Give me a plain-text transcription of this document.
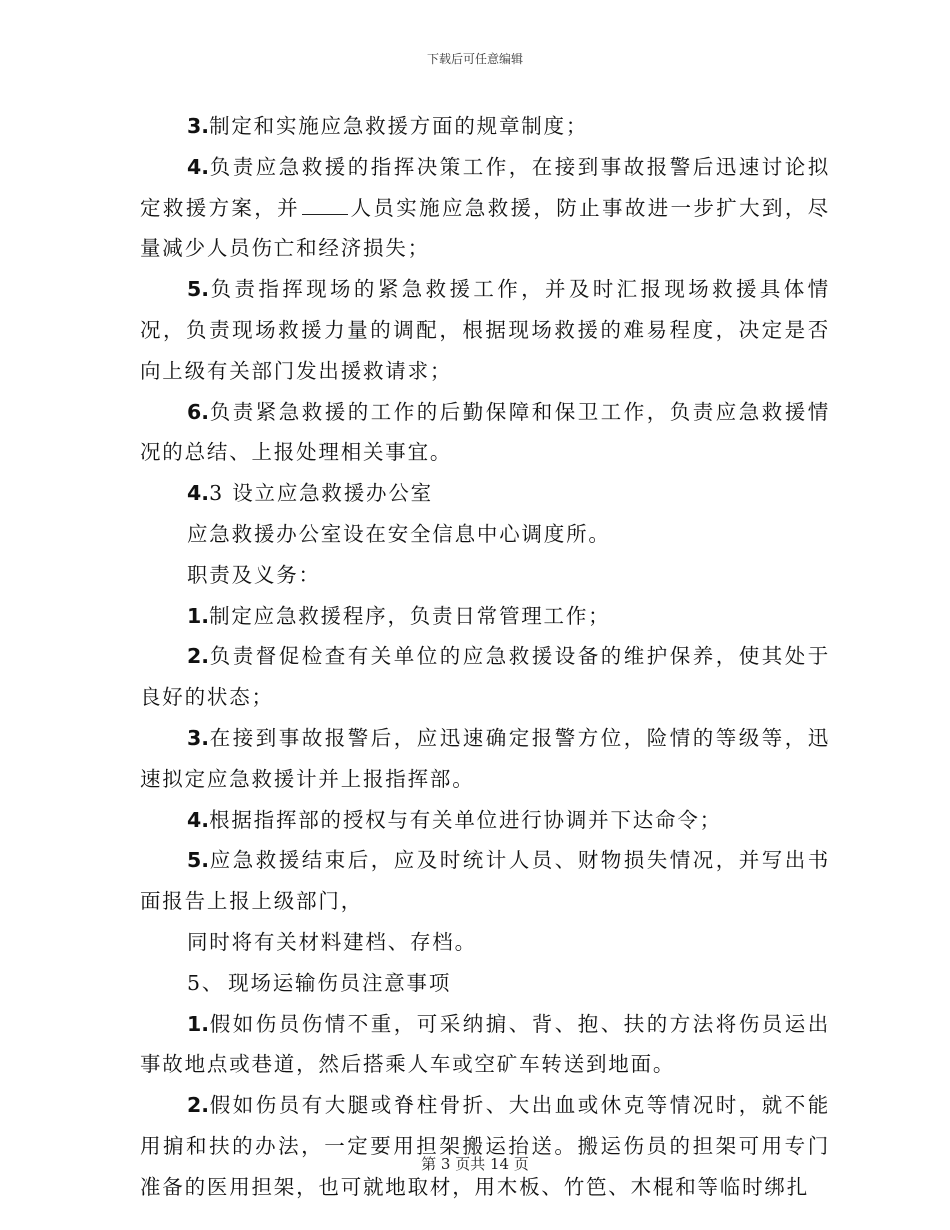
下载后可任意编辑

3.制定和实施应急救援方面的规章制度；

4.负责应急救援的指挥决策工作，在接到事故报警后迅速讨论拟定救援方案，并 人员实施应急救援，防止事故进一步扩大到，尽量减少人员伤亡和经济损失；

5.负责指挥现场的紧急救援工作，并及时汇报现场救援具体情况，负责现场救援力量的调配，根据现场救援的难易程度，决定是否向上级有关部门发出援救请求；

6.负责紧急救援的工作的后勤保障和保卫工作，负责应急救援情况的总结、上报处理相关事宜。

4.3 设立应急救援办公室

应急救援办公室设在安全信息中心调度所。

职责及义务：

1.制定应急救援程序，负责日常管理工作；

2.负责督促检查有关单位的应急救援设备的维护保养，使其处于良好的状态；

3.在接到事故报警后，应迅速确定报警方位，险情的等级等，迅速拟定应急救援计并上报指挥部。

4.根据指挥部的授权与有关单位进行协调并下达命令；

5.应急救援结束后，应及时统计人员、财物损失情况，并写出书面报告上报上级部门，

同时将有关材料建档、存档。

5、 现场运输伤员注意事项

1.假如伤员伤情不重，可采纳掮、背、抱、扶的方法将伤员运出事故地点或巷道，然后搭乘人车或空矿车转送到地面。

2.假如伤员有大腿或脊柱骨折、大出血或休克等情况时，就不能用掮和扶的办法，一定要用担架搬运抬送。搬运伤员的担架可用专门准备的医用担架，也可就地取材，用木板、竹笆、木棍和等临时绑扎

第 3 页共 14 页
